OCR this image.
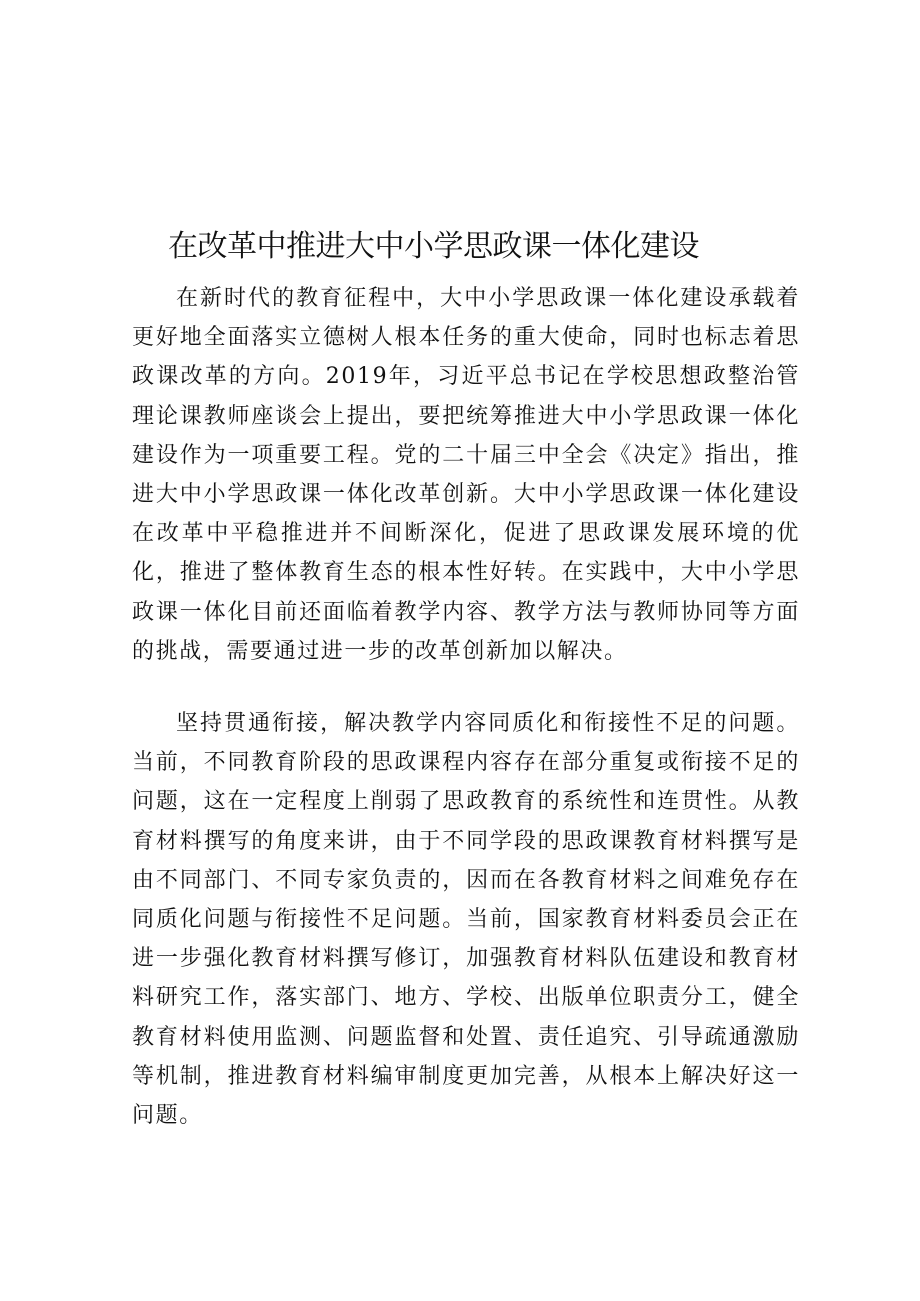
在改革中推进大中小学思政课一体化建设

在新时代的教育征程中，大中小学思政课一体化建设承载着更好地全面落实立德树人根本任务的重大使命，同时也标志着思政课改革的方向。2019年，习近平总书记在学校思想政整治管理论课教师座谈会上提出，要把统筹推进大中小学思政课一体化建设作为一项重要工程。党的二十届三中全会《决定》指出，推进大中小学思政课一体化改革创新。大中小学思政课一体化建设在改革中平稳推进并不间断深化，促进了思政课发展环境的优化，推进了整体教育生态的根本性好转。在实践中，大中小学思政课一体化目前还面临着教学内容、教学方法与教师协同等方面的挑战，需要通过进一步的改革创新加以解决。

坚持贯通衔接，解决教学内容同质化和衔接性不足的问题。当前，不同教育阶段的思政课程内容存在部分重复或衔接不足的问题，这在一定程度上削弱了思政教育的系统性和连贯性。从教育材料撰写的角度来讲，由于不同学段的思政课教育材料撰写是由不同部门、不同专家负责的，因而在各教育材料之间难免存在同质化问题与衔接性不足问题。当前，国家教育材料委员会正在进一步强化教育材料撰写修订，加强教育材料队伍建设和教育材料研究工作，落实部门、地方、学校、出版单位职责分工，健全教育材料使用监测、问题监督和处置、责任追究、引导疏通激励等机制，推进教育材料编审制度更加完善，从根本上解决好这一问题。
